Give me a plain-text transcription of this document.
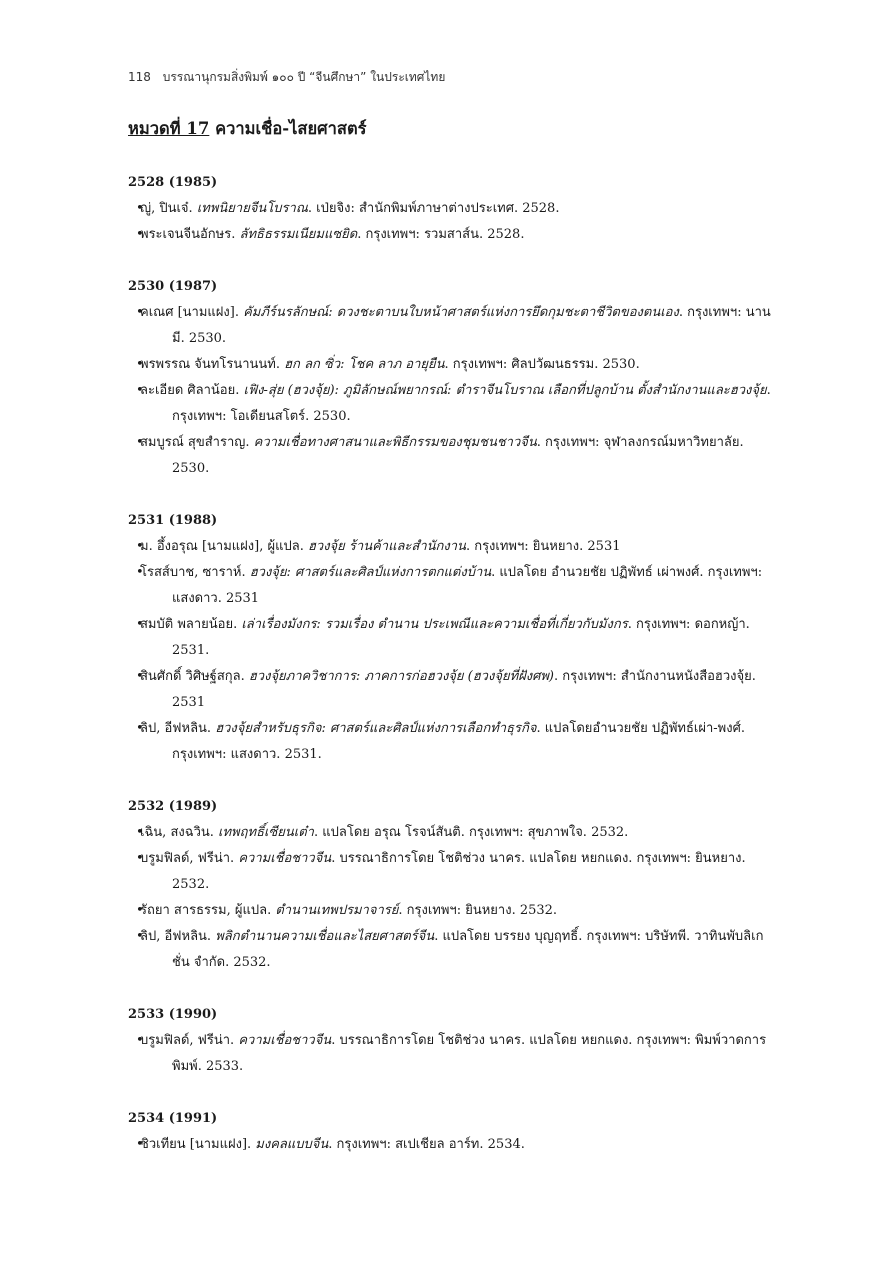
118 บรรณานุกรมสิ่งพิมพ์ ๑๐๐ ปี “จีนศึกษา” ในประเทศไทย
หมวดที่ 17 ความเชื่อ-ไสยศาสตร์
2528 (1985)
• ญู่, ปินเจ๋. เทพนิยายจีนโบราณ. เป่ยจิง: สำนักพิมพ์ภาษาต่างประเทศ. 2528.
• พระเจนจีนอักษร. ลัทธิธรรมเนียมแซยิด. กรุงเทพฯ: รวมสาส์น. 2528.
2530 (1987)
• คเณศ [นามแฝง]. คัมภีร์นรลักษณ์: ดวงชะตาบนใบหน้าศาสตร์แห่งการยึดกุมชะตาชีวิตของตนเอง. กรุงเทพฯ: นานมี. 2530.
• พรพรรณ จันทโรนานนท์. ฮก ลก ซิ่ว: โชค ลาภ อายุยืน. กรุงเทพฯ: ศิลปวัฒนธรรม. 2530.
• ละเอียด ศิลาน้อย. เฟิง-สุ่ย (ฮวงจุ้ย): ภูมิลักษณ์พยากรณ์: ตำราจีนโบราณ เลือกที่ปลูกบ้าน ตั้งสำนักงานและฮวงจุ้ย. กรุงเทพฯ: โอเดียนสโตร์. 2530.
• สมบูรณ์ สุขสำราญ. ความเชื่อทางศาสนาและพิธีกรรมของชุมชนชาวจีน. กรุงเทพฯ: จุฬาลงกรณ์มหาวิทยาลัย. 2530.
2531 (1988)
• ม. อึ้งอรุณ [นามแฝง], ผู้แปล. ฮวงจุ้ย ร้านค้าและสำนักงาน. กรุงเทพฯ: ยินหยาง. 2531
• โรสส์บาช, ซาราห์. ฮวงจุ้ย: ศาสตร์และศิลป์แห่งการตกแต่งบ้าน. แปลโดย อำนวยชัย ปฏิพัทธ์ เผ่าพงศ์. กรุงเทพฯ: แสงดาว. 2531
• สมบัติ พลายน้อย. เล่าเรื่องมังกร: รวมเรื่อง ตำนาน ประเพณีและความเชื่อที่เกี่ยวกับมังกร. กรุงเทพฯ: ดอกหญ้า. 2531.
• สินศักดิ์ วิศิษฐ์สกุล. ฮวงจุ้ยภาควิชาการ: ภาคการก่อฮวงจุ้ย (ฮวงจุ้ยที่ฝังศพ). กรุงเทพฯ: สำนักงานหนังสือฮวงจุ้ย. 2531
• ลิป, อีฟหลิน. ฮวงจุ้ยสำหรับธุรกิจ: ศาสตร์และศิลป์แห่งการเลือกทำธุรกิจ. แปลโดยอำนวยชัย ปฏิพัทธ์เผ่า-พงศ์. กรุงเทพฯ: แสงดาว. 2531.
2532 (1989)
• เฉิน, สงฉวิน. เทพฤทธิ์เซียนเต๋า. แปลโดย อรุณ โรจน์สันติ. กรุงเทพฯ: สุขภาพใจ. 2532.
• บรูมฟิลด์, ฟรีน่า. ความเชื่อชาวจีน. บรรณาธิการโดย โชติช่วง นาคร. แปลโดย หยกแดง. กรุงเทพฯ: ยินหยาง. 2532.
• รัถยา สารธรรม, ผู้แปล. ตำนานเทพปรมาจารย์. กรุงเทพฯ: ยินหยาง. 2532.
• ลิป, อีฟหลิน. พลิกตำนานความเชื่อและไสยศาสตร์จีน. แปลโดย บรรยง บุญฤทธิ์. กรุงเทพฯ: บริษัทพี. วาทินพับลิเกชั่น จำกัด. 2532.
2533 (1990)
• บรูมฟิลด์, ฟรีน่า. ความเชื่อชาวจีน. บรรณาธิการโดย โชติช่วง นาคร. แปลโดย หยกแดง. กรุงเทพฯ: พิมพ์วาดการพิมพ์. 2533.
2534 (1991)
• ชิวเทียน [นามแฝง]. มงคลแบบจีน. กรุงเทพฯ: สเปเชียล อาร์ท. 2534.
